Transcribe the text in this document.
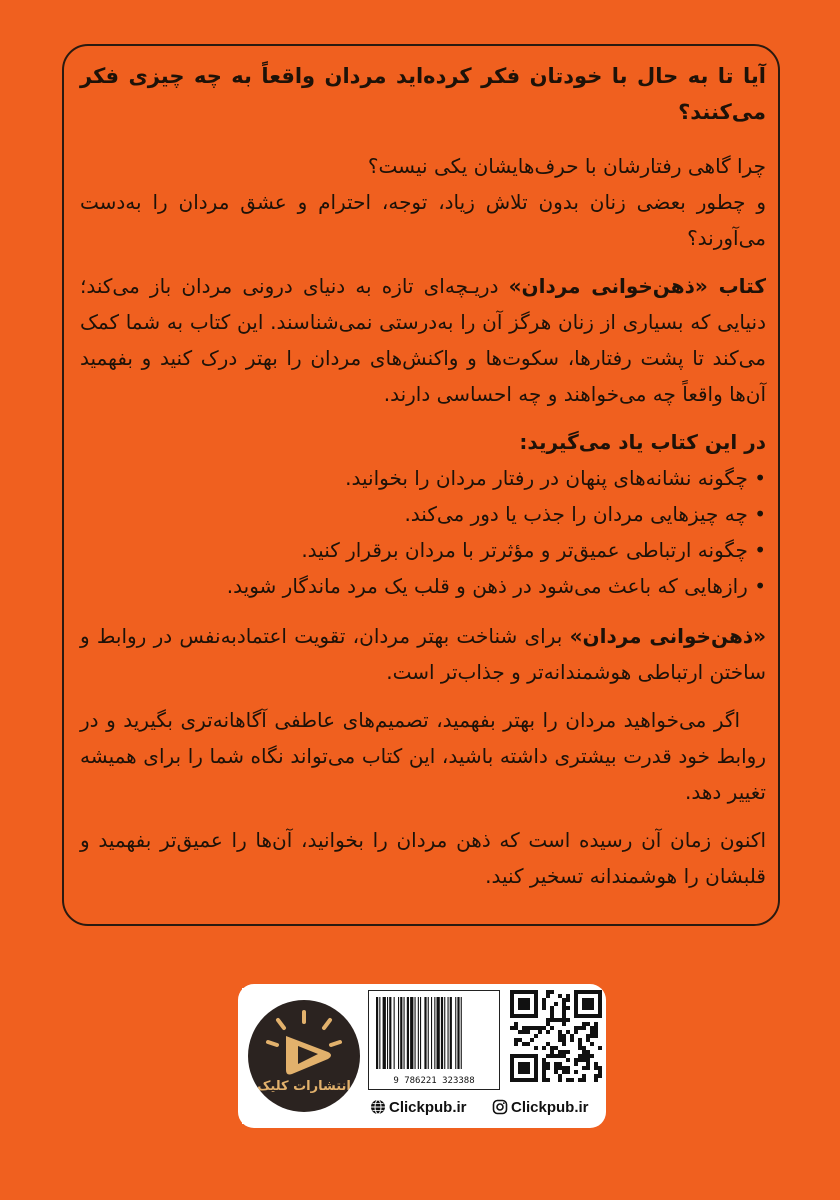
آیا تا به حال با خودتان فکر کرده‌اید مردان واقعاً به چه چیزی فکر می‌کنند؟

چرا گاهی رفتارشان با حرف‌هایشان یکی نیست؟

و چطور بعضی زنان بدون تلاش زیاد، توجه، احترام و عشق مردان را به‌دست می‌آورند؟

کتاب «ذهن‌خوانی مردان» دریـچه‌ای تازه به دنیای درونی مردان باز می‌کند؛ دنیایی که بسیاری از زنان هرگز آن را به‌درستی نمی‌شناسند. این کتاب به شما کمک می‌کند تا پشت رفتارها، سکوت‌ها و واکنش‌های مردان را بهتر درک کنید و بفهمید آن‌ها واقعاً چه می‌خواهند و چه احساسی دارند.

در این کتاب یاد می‌گیرید:

• چگونه نشانه‌های پنهان در رفتار مردان را بخوانید.
• چه چیزهایی مردان را جذب یا دور می‌کند.
• چگونه ارتباطی عمیق‌تر و مؤثرتر با مردان برقرار کنید.
• رازهایی که باعث می‌شود در ذهن و قلب یک مرد ماندگار شوید.

«ذهن‌خوانی مردان» برای شناخت بهتر مردان، تقویت اعتمادبه‌نفس در روابط و ساختن ارتباطی هوشمندانه‌تر و جذاب‌تر است.

اگر می‌خواهید مردان را بهتر بفهمید، تصمیم‌های عاطفی آگاهانه‌تری بگیرید و در روابط خود قدرت بیشتری داشته باشید، این کتاب می‌تواند نگاه شما را برای همیشه تغییر دهد.

اکنون زمان آن رسیده است که ذهن مردان را بخوانید، آن‌ها را عمیق‌تر بفهمید و قلبشان را هوشمندانه تسخیر کنید.

انتشارات کلیک	9 786221 323388
Clickpub.ir	Clickpub.ir
